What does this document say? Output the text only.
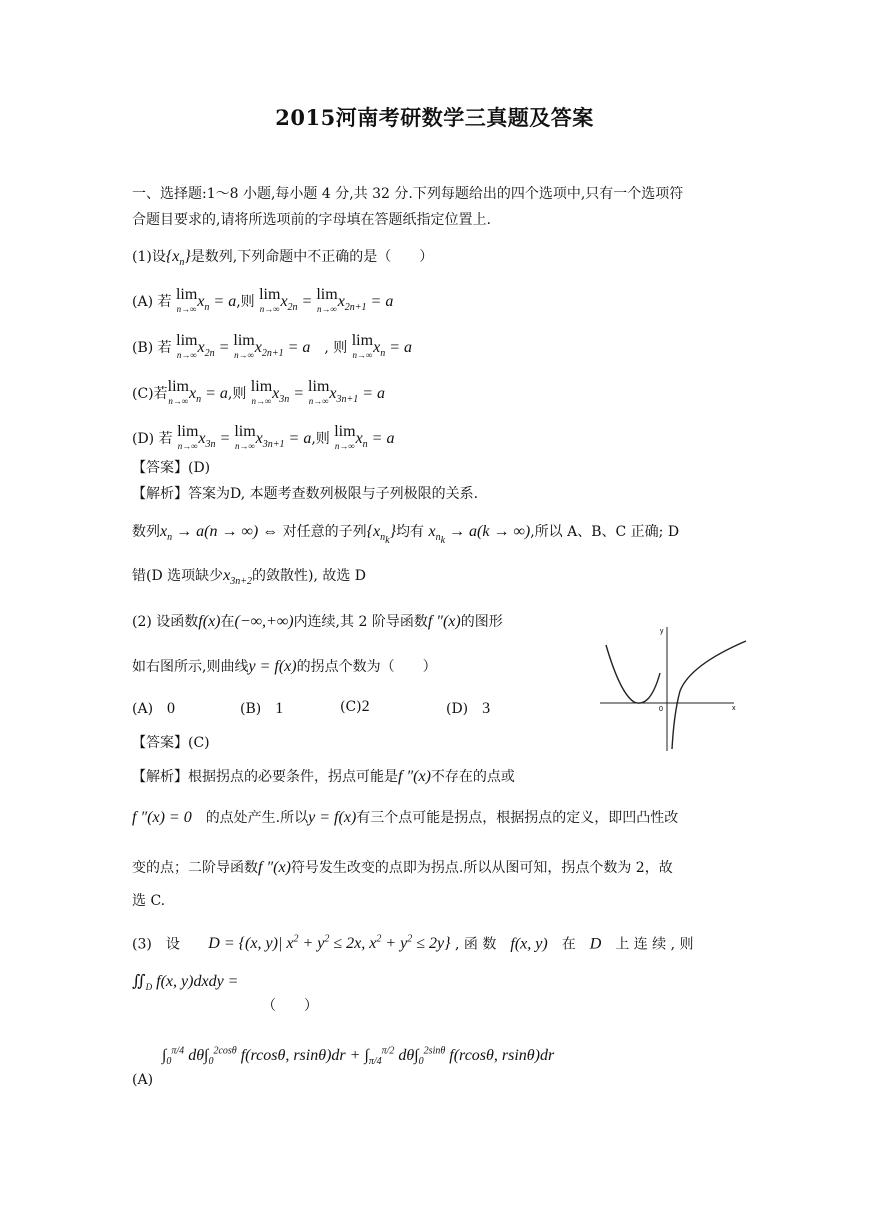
2015河南考研数学三真题及答案
一、选择题:1～8 小题,每小题 4 分,共 32 分.下列每题给出的四个选项中,只有一个选项符
合题目要求的,请将所选项前的字母填在答题纸指定位置上.
(1)设$\{x_n\}$是数列,下列命题中不正确的是（　　）
(A) 若 lim
n→∞ $x_n = a$,则 lim
n→∞ $x_{2n} = \lim$
n→∞ $x_{2n+1} = a$
(B) 若 lim
n→∞ $x_{2n} = \lim$
n→∞ $x_{2n+1} = a$　, 则 lim
n→∞ $x_n = a$
(C)若lim
n→∞ $x_n = a$,则 lim
n→∞ $x_{3n} = \lim$
n→∞ $x_{3n+1} = a$
(D) 若 lim
n→∞ $x_{3n} = \lim$
n→∞ $x_{3n+1} = a$,则 lim
n→∞ $x_n = a$
【答案】(D)
【解析】答案为D, 本题考查数列极限与子列极限的关系.
数列$x_n \to a(n$ → ∞) ⇔ 对任意的子列$\{x_{n_k}\}$均有 $x_{n_k} \to a(k$ → ∞),所以 A、B、C 正确; D
错(D 选项缺少$x_{3n+2}$的敛散性), 故选 D
(2) 设函数f(x)在(−∞,+∞)内连续,其 2 阶导函数f ″(x)的图形
如右图所示,则曲线y = f(x)的拐点个数为（　　）
(A)　 0	(B)　 1	(C)2	(D)　 3
y
x
0
【答案】(C)
【解析】根据拐点的必要条件，拐点可能是f ″(x)不存在的点或
f ″(x) = 0　 的点处产生.所以y = f(x)有三个点可能是拐点，根据拐点的定义，即凹凸性改
变的点；二阶导函数f ″(x)符号发生改变的点即为拐点.所以从图可知，拐点个数为 2，故
选 C.
(3)　设 D = {(x, y)| $x^2 + y^2 \le 2x$, $x^2 + y^2 \le 2y$} , 函 数　 f(x, y)　 在　 D　 上 连 续 , 则
$∬_D$ f(x, y)dxdy =
（　　）
$\int_0^{\pi/4}$ $d\theta\int_0^{2cos\theta}$ f(rcosθ, $rsin\theta)dr + \int_{\pi/4}^{\pi/2}$ $d\theta\int_0^{2sin\theta}$ f(rcosθ, rsinθ)dr
(A)
